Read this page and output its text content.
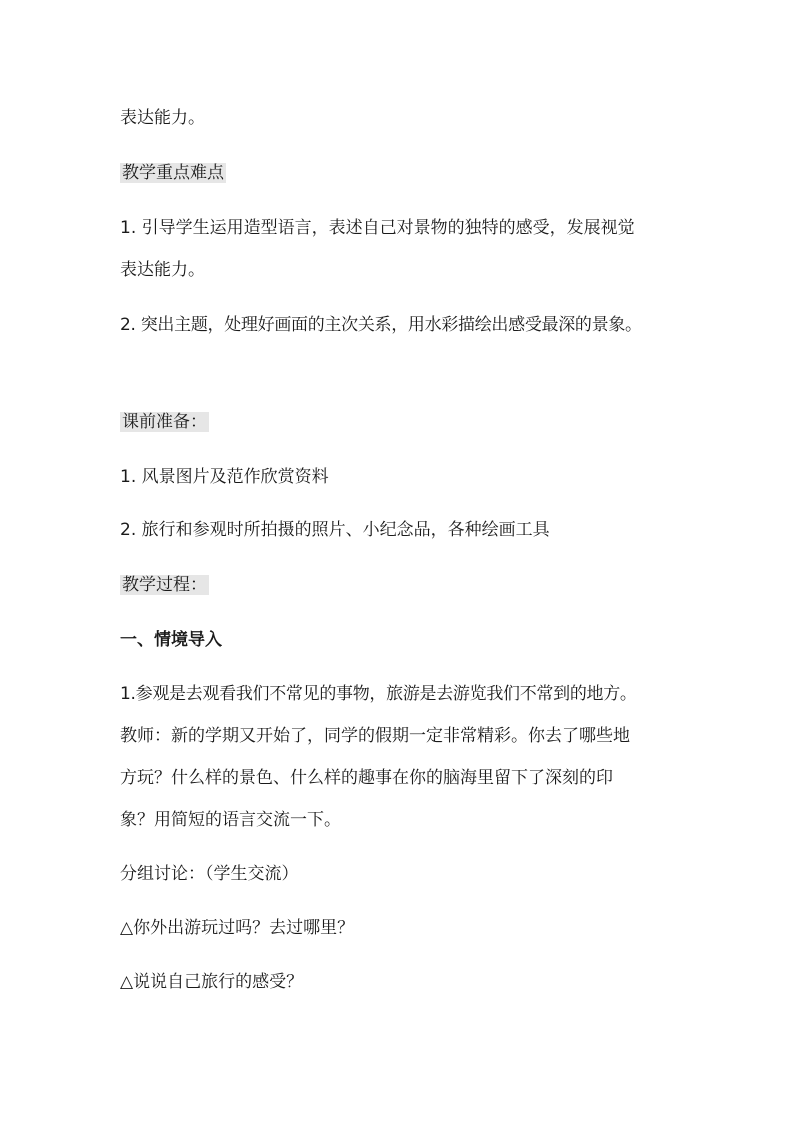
表达能力。
教学重点难点
1. 引导学生运用造型语言，表述自己对景物的独特的感受，发展视觉
表达能力。
2. 突出主题，处理好画面的主次关系，用水彩描绘出感受最深的景象。
课前准备：
1. 风景图片及范作欣赏资料
2. 旅行和参观时所拍摄的照片、小纪念品，各种绘画工具
教学过程：
一、情境导入
1.参观是去观看我们不常见的事物，旅游是去游览我们不常到的地方。
教师：新的学期又开始了，同学的假期一定非常精彩。你去了哪些地
方玩？什么样的景色、什么样的趣事在你的脑海里留下了深刻的印
象？用简短的语言交流一下。
分组讨论：（学生交流）
△你外出游玩过吗？去过哪里？
△说说自己旅行的感受？
